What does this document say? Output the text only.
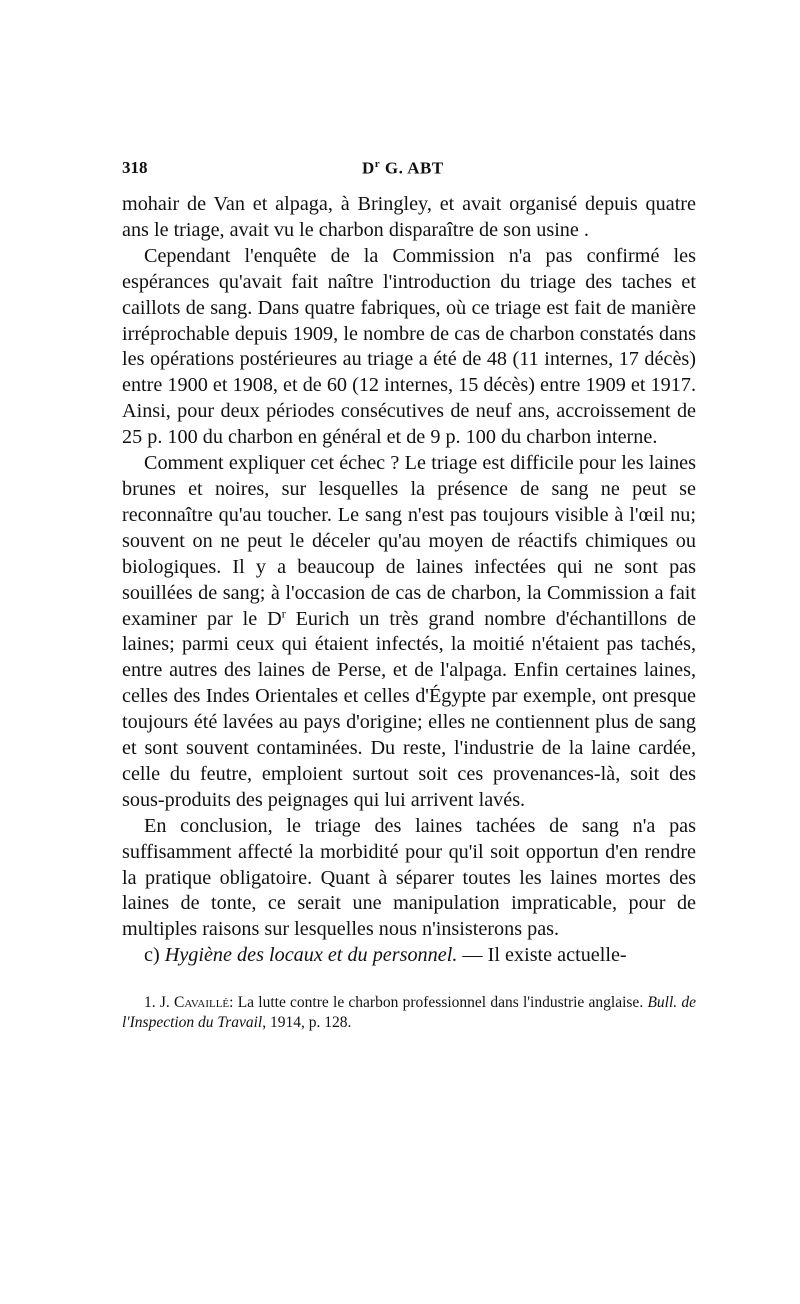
318	$D^r$ G. ABT

mohair de Van et alpaga, à Bringley, et avait organisé depuis quatre ans le triage, avait vu le charbon disparaître de son usine .

Cependant l'enquête de la Commission n'a pas confirmé les espérances qu'avait fait naître l'introduction du triage des taches et caillots de sang. Dans quatre fabriques, où ce triage est fait de manière irréprochable depuis 1909, le nombre de cas de charbon constatés dans les opérations postérieures au triage a été de 48 (11 internes, 17 décès) entre 1900 et 1908, et de 60 (12 internes, 15 décès) entre 1909 et 1917. Ainsi, pour deux périodes consécutives de neuf ans, accroissement de 25 p. 100 du charbon en général et de 9 p. 100 du charbon interne.

Comment expliquer cet échec ? Le triage est difficile pour les laines brunes et noires, sur lesquelles la présence de sang ne peut se reconnaître qu'au toucher. Le sang n'est pas toujours visible à l'œil nu; souvent on ne peut le déceler qu'au moyen de réactifs chimiques ou biologiques. Il y a beaucoup de laines infectées qui ne sont pas souillées de sang; à l'occasion de cas de charbon, la Commission a fait examiner par le $D^r$ Eurich un très grand nombre d'échantillons de laines; parmi ceux qui étaient infectés, la moitié n'étaient pas tachés, entre autres des laines de Perse, et de l'alpaga. Enfin certaines laines, celles des Indes Orientales et celles d'Égypte par exemple, ont presque toujours été lavées au pays d'origine; elles ne contiennent plus de sang et sont souvent contaminées. Du reste, l'industrie de la laine cardée, celle du feutre, emploient surtout soit ces provenances-là, soit des sous-produits des peignages qui lui arrivent lavés.

En conclusion, le triage des laines tachées de sang n'a pas suffisamment affecté la morbidité pour qu'il soit opportun d'en rendre la pratique obligatoire. Quant à séparer toutes les laines mortes des laines de tonte, ce serait une manipulation impraticable, pour de multiples raisons sur lesquelles nous n'insisterons pas.

c) Hygiène des locaux et du personnel. — Il existe actuelle-

1. J. Cavaillé: La lutte contre le charbon professionnel dans l'industrie anglaise. Bull. de l'Inspection du Travail, 1914, p. 128.
